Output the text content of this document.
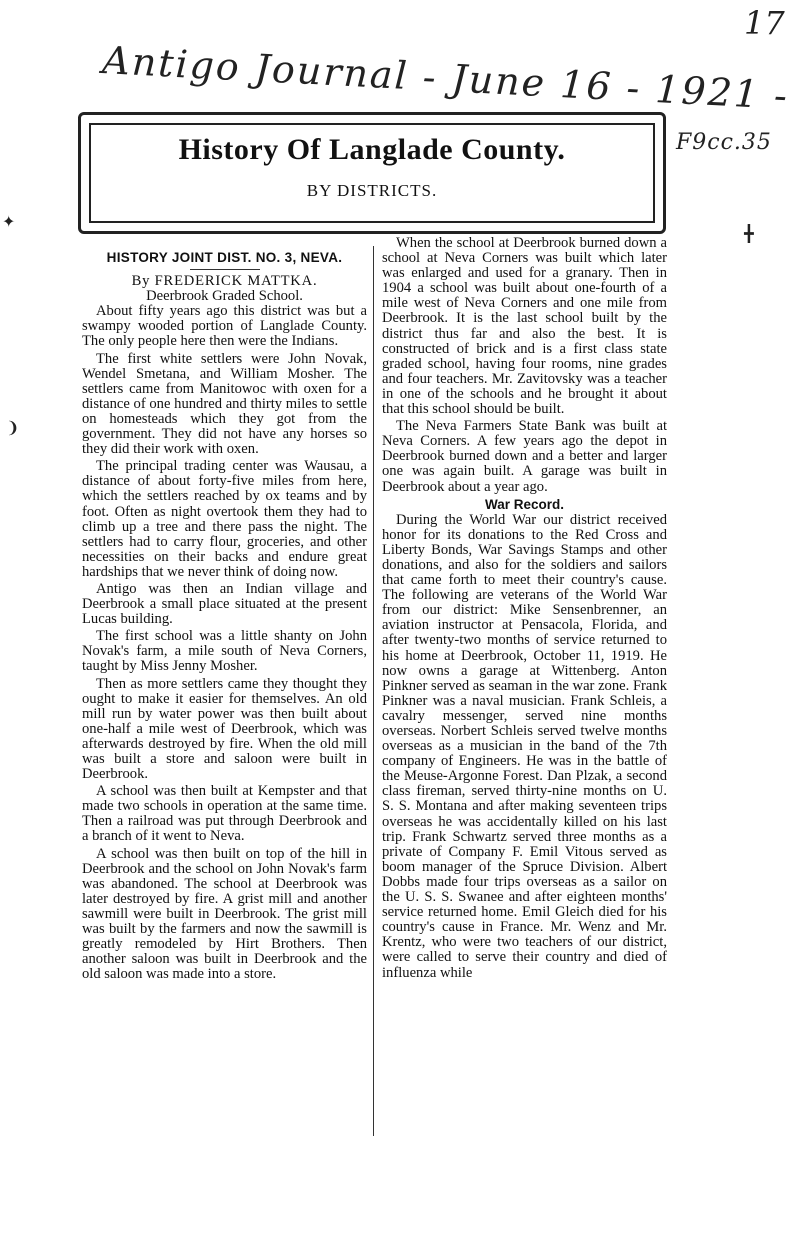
Antigo Journal - June 16 - 1921 -
17
F9cc.35
✦
❩
╋
History Of Langlade County.
BY DISTRICTS.
HISTORY JOINT DIST. NO. 3, NEVA.
By FREDERICK MATTKA.
Deerbrook Graded School.

About fifty years ago this district was but a swampy wooded portion of Langlade County. The only people here then were the Indians.

The first white settlers were John Novak, Wendel Smetana, and William Mosher. The settlers came from Manitowoc with oxen for a distance of one hundred and thirty miles to settle on homesteads which they got from the government. They did not have any horses so they did their work with oxen.

The principal trading center was Wausau, a distance of about forty-five miles from here, which the settlers reached by ox teams and by foot. Often as night overtook them they had to climb up a tree and there pass the night. The settlers had to carry flour, groceries, and other necessities on their backs and endure great hardships that we never think of doing now.

Antigo was then an Indian village and Deerbrook a small place situated at the present Lucas building.

The first school was a little shanty on John Novak's farm, a mile south of Neva Corners, taught by Miss Jenny Mosher.

Then as more settlers came they thought they ought to make it easier for themselves. An old mill run by water power was then built about one-half a mile west of Deerbrook, which was afterwards destroyed by fire. When the old mill was built a store and saloon were built in Deerbrook.

A school was then built at Kempster and that made two schools in operation at the same time. Then a railroad was put through Deerbrook and a branch of it went to Neva.

A school was then built on top of the hill in Deerbrook and the school on John Novak's farm was abandoned. The school at Deerbrook was later destroyed by fire. A grist mill and another sawmill were built in Deerbrook. The grist mill was built by the farmers and now the sawmill is greatly remodeled by Hirt Brothers. Then another saloon was built in Deerbrook and the old saloon was made into a store.

When the school at Deerbrook burned down a school at Neva Corners was built which later was enlarged and used for a granary. Then in 1904 a school was built about one-fourth of a mile west of Neva Corners and one mile from Deerbrook. It is the last school built by the district thus far and also the best. It is constructed of brick and is a first class state graded school, having four rooms, nine grades and four teachers. Mr. Zavitovsky was a teacher in one of the schools and he brought it about that this school should be built.

The Neva Farmers State Bank was built at Neva Corners. A few years ago the depot in Deerbrook burned down and a better and larger one was again built. A garage was built in Deerbrook about a year ago.

War Record.

During the World War our district received honor for its donations to the Red Cross and Liberty Bonds, War Savings Stamps and other donations, and also for the soldiers and sailors that came forth to meet their country's cause. The following are veterans of the World War from our district: Mike Sensenbrenner, an aviation instructor at Pensacola, Florida, and after twenty-two months of service returned to his home at Deerbrook, October 11, 1919. He now owns a garage at Wittenberg. Anton Pinkner served as seaman in the war zone. Frank Pinkner was a naval musician. Frank Schleis, a cavalry messenger, served nine months overseas. Norbert Schleis served twelve months overseas as a musician in the band of the 7th company of Engineers. He was in the battle of the Meuse-Argonne Forest. Dan Plzak, a second class fireman, served thirty-nine months on U. S. S. Montana and after making seventeen trips overseas he was accidentally killed on his last trip. Frank Schwartz served three months as a private of Company F. Emil Vitous served as boom manager of the Spruce Division. Albert Dobbs made four trips overseas as a sailor on the U. S. S. Swanee and after eighteen months' service returned home. Emil Gleich died for his country's cause in France. Mr. Wenz and Mr. Krentz, who were two teachers of our district, were called to serve their country and died of influenza while
